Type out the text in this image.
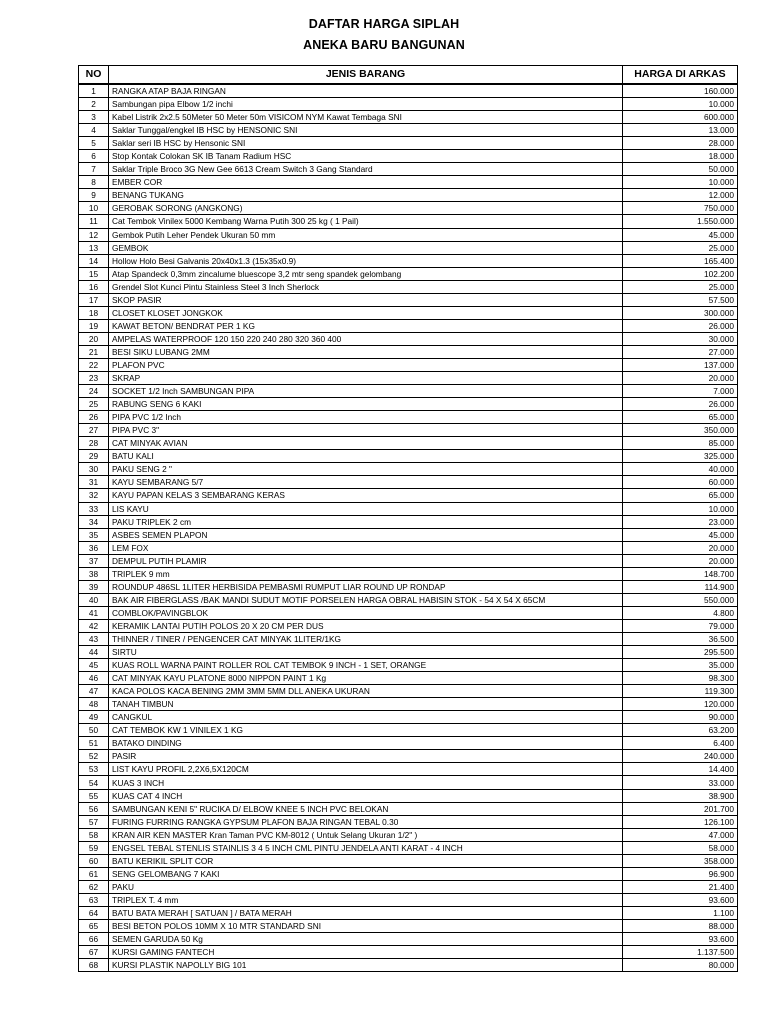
DAFTAR HARGA SIPLAH
ANEKA BARU BANGUNAN
NO	JENIS BARANG	HARGA DI ARKAS
1	RANGKA ATAP BAJA RINGAN	160.000
2	Sambungan pipa Elbow 1/2 inchi	10.000
3	Kabel Listrik 2x2.5 50Meter 50 Meter 50m VISICOM NYM Kawat Tembaga SNI	600.000
4	Saklar Tunggal/engkel IB HSC by HENSONIC SNI	13.000
5	Saklar seri IB HSC by Hensonic SNI	28.000
6	Stop Kontak Colokan SK IB Tanam Radium HSC	18.000
7	Saklar Triple Broco 3G New Gee 6613 Cream Switch 3 Gang Standard	50.000
8	EMBER COR	10.000
9	BENANG TUKANG	12.000
10	GEROBAK SORONG (ANGKONG)	750.000
11	Cat Tembok Vinilex 5000 Kembang Warna Putih 300 25 kg ( 1 Pail)	1.550.000
12	Gembok Putih Leher Pendek Ukuran 50 mm	45.000
13	GEMBOK	25.000
14	Hollow Holo Besi Galvanis 20x40x1.3 (15x35x0.9)	165.400
15	Atap Spandeck 0,3mm zincalume bluescope 3,2 mtr seng spandek gelombang	102.200
16	Grendel Slot Kunci Pintu Stainless Steel 3 Inch Sherlock	25.000
17	SKOP PASIR	57.500
18	CLOSET KLOSET JONGKOK	300.000
19	KAWAT BETON/ BENDRAT PER 1 KG	26.000
20	AMPELAS WATERPROOF 120 150 220 240 280 320 360 400	30.000
21	BESI SIKU LUBANG 2MM	27.000
22	PLAFON PVC	137.000
23	SKRAP	20.000
24	SOCKET 1/2 Inch SAMBUNGAN PIPA	7.000
25	RABUNG SENG 6 KAKI	26.000
26	PIPA PVC 1/2 Inch	65.000
27	PIPA PVC 3"	350.000
28	CAT MINYAK AVIAN	85.000
29	BATU KALI	325.000
30	PAKU SENG 2 "	40.000
31	KAYU SEMBARANG 5/7	60.000
32	KAYU PAPAN KELAS 3 SEMBARANG KERAS	65.000
33	LIS KAYU	10.000
34	PAKU TRIPLEK 2 cm	23.000
35	ASBES SEMEN PLAPON	45.000
36	LEM FOX	20.000
37	DEMPUL PUTIH PLAMIR	20.000
38	TRIPLEK 9 mm	148.700
39	ROUNDUP 486SL 1LITER HERBISIDA PEMBASMI RUMPUT LIAR ROUND UP RONDAP	114.900
40	BAK AIR FIBERGLASS /BAK MANDI SUDUT MOTIF PORSELEN HARGA OBRAL HABISIN STOK - 54 X 54 X 65CM	550.000
41	COMBLOK/PAVINGBLOK	4.800
42	KERAMIK LANTAI PUTIH POLOS 20 X 20 CM PER DUS	79.000
43	THINNER / TINER / PENGENCER CAT MINYAK 1LITER/1KG	36.500
44	SIRTU	295.500
45	KUAS ROLL WARNA PAINT ROLLER ROL CAT TEMBOK 9 INCH - 1 SET, ORANGE	35.000
46	CAT MINYAK KAYU PLATONE 8000 NIPPON PAINT 1 Kg	98.300
47	KACA POLOS KACA BENING 2MM 3MM 5MM DLL ANEKA UKURAN	119.300
48	TANAH TIMBUN	120.000
49	CANGKUL	90.000
50	CAT TEMBOK KW 1 VINILEX 1 KG	63.200
51	BATAKO DINDING	6.400
52	PASIR	240.000
53	LIST KAYU PROFIL 2,2X6,5X120CM	14.400
54	KUAS 3 INCH	33.000
55	KUAS CAT 4 INCH	38.900
56	SAMBUNGAN KENI 5" RUCIKA D/ ELBOW KNEE 5 INCH PVC BELOKAN	201.700
57	FURING FURRING RANGKA GYPSUM PLAFON BAJA RINGAN TEBAL 0.30	126.100
58	KRAN AIR KEN MASTER Kran Taman PVC KM-8012 ( Untuk Selang Ukuran 1/2" )	47.000
59	ENGSEL TEBAL STENLIS STAINLIS 3 4 5 INCH CML PINTU JENDELA ANTI KARAT - 4 INCH	58.000
60	BATU KERIKIL SPLIT COR	358.000
61	SENG GELOMBANG 7 KAKI	96.900
62	PAKU	21.400
63	TRIPLEX T. 4 mm	93.600
64	BATU BATA MERAH [ SATUAN ] / BATA MERAH	1.100
65	BESI BETON POLOS 10MM X 10 MTR STANDARD SNI	88.000
66	SEMEN GARUDA 50 Kg	93.600
67	KURSI GAMING FANTECH	1.137.500
68	KURSI PLASTIK NAPOLLY BIG 101	80.000
